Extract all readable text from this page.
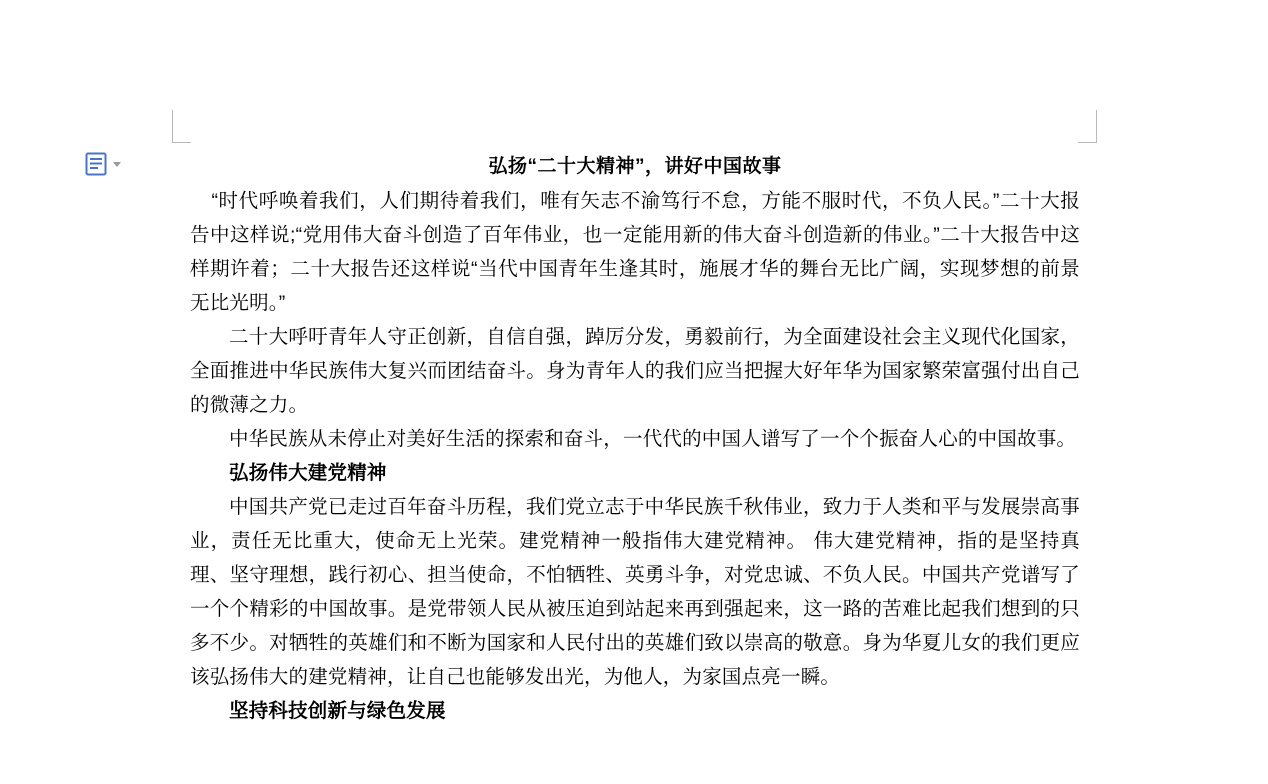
弘扬“二十大精神”，讲好中国故事

“时代呼唤着我们，人们期待着我们，唯有矢志不渝笃行不怠，方能不服时代，不负人民。”二十大报告中这样说;“党用伟大奋斗创造了百年伟业，也一定能用新的伟大奋斗创造新的伟业。”二十大报告中这样期许着；二十大报告还这样说“当代中国青年生逢其时，施展才华的舞台无比广阔，实现梦想的前景无比光明。”

二十大呼吁青年人守正创新，自信自强，踔厉分发，勇毅前行，为全面建设社会主义现代化国家，全面推进中华民族伟大复兴而团结奋斗。身为青年人的我们应当把握大好年华为国家繁荣富强付出自己的微薄之力。

中华民族从未停止对美好生活的探索和奋斗，一代代的中国人谱写了一个个振奋人心的中国故事。

弘扬伟大建党精神

中国共产党已走过百年奋斗历程，我们党立志于中华民族千秋伟业，致力于人类和平与发展崇高事业，责任无比重大，使命无上光荣。建党精神一般指伟大建党精神。 伟大建党精神，指的是坚持真理、坚守理想，践行初心、担当使命，不怕牺牲、英勇斗争，对党忠诚、不负人民。中国共产党谱写了一个个精彩的中国故事。是党带领人民从被压迫到站起来再到强起来，这一路的苦难比起我们想到的只多不少。对牺牲的英雄们和不断为国家和人民付出的英雄们致以崇高的敬意。身为华夏儿女的我们更应该弘扬伟大的建党精神，让自己也能够发出光，为他人，为家国点亮一瞬。

坚持科技创新与绿色发展
